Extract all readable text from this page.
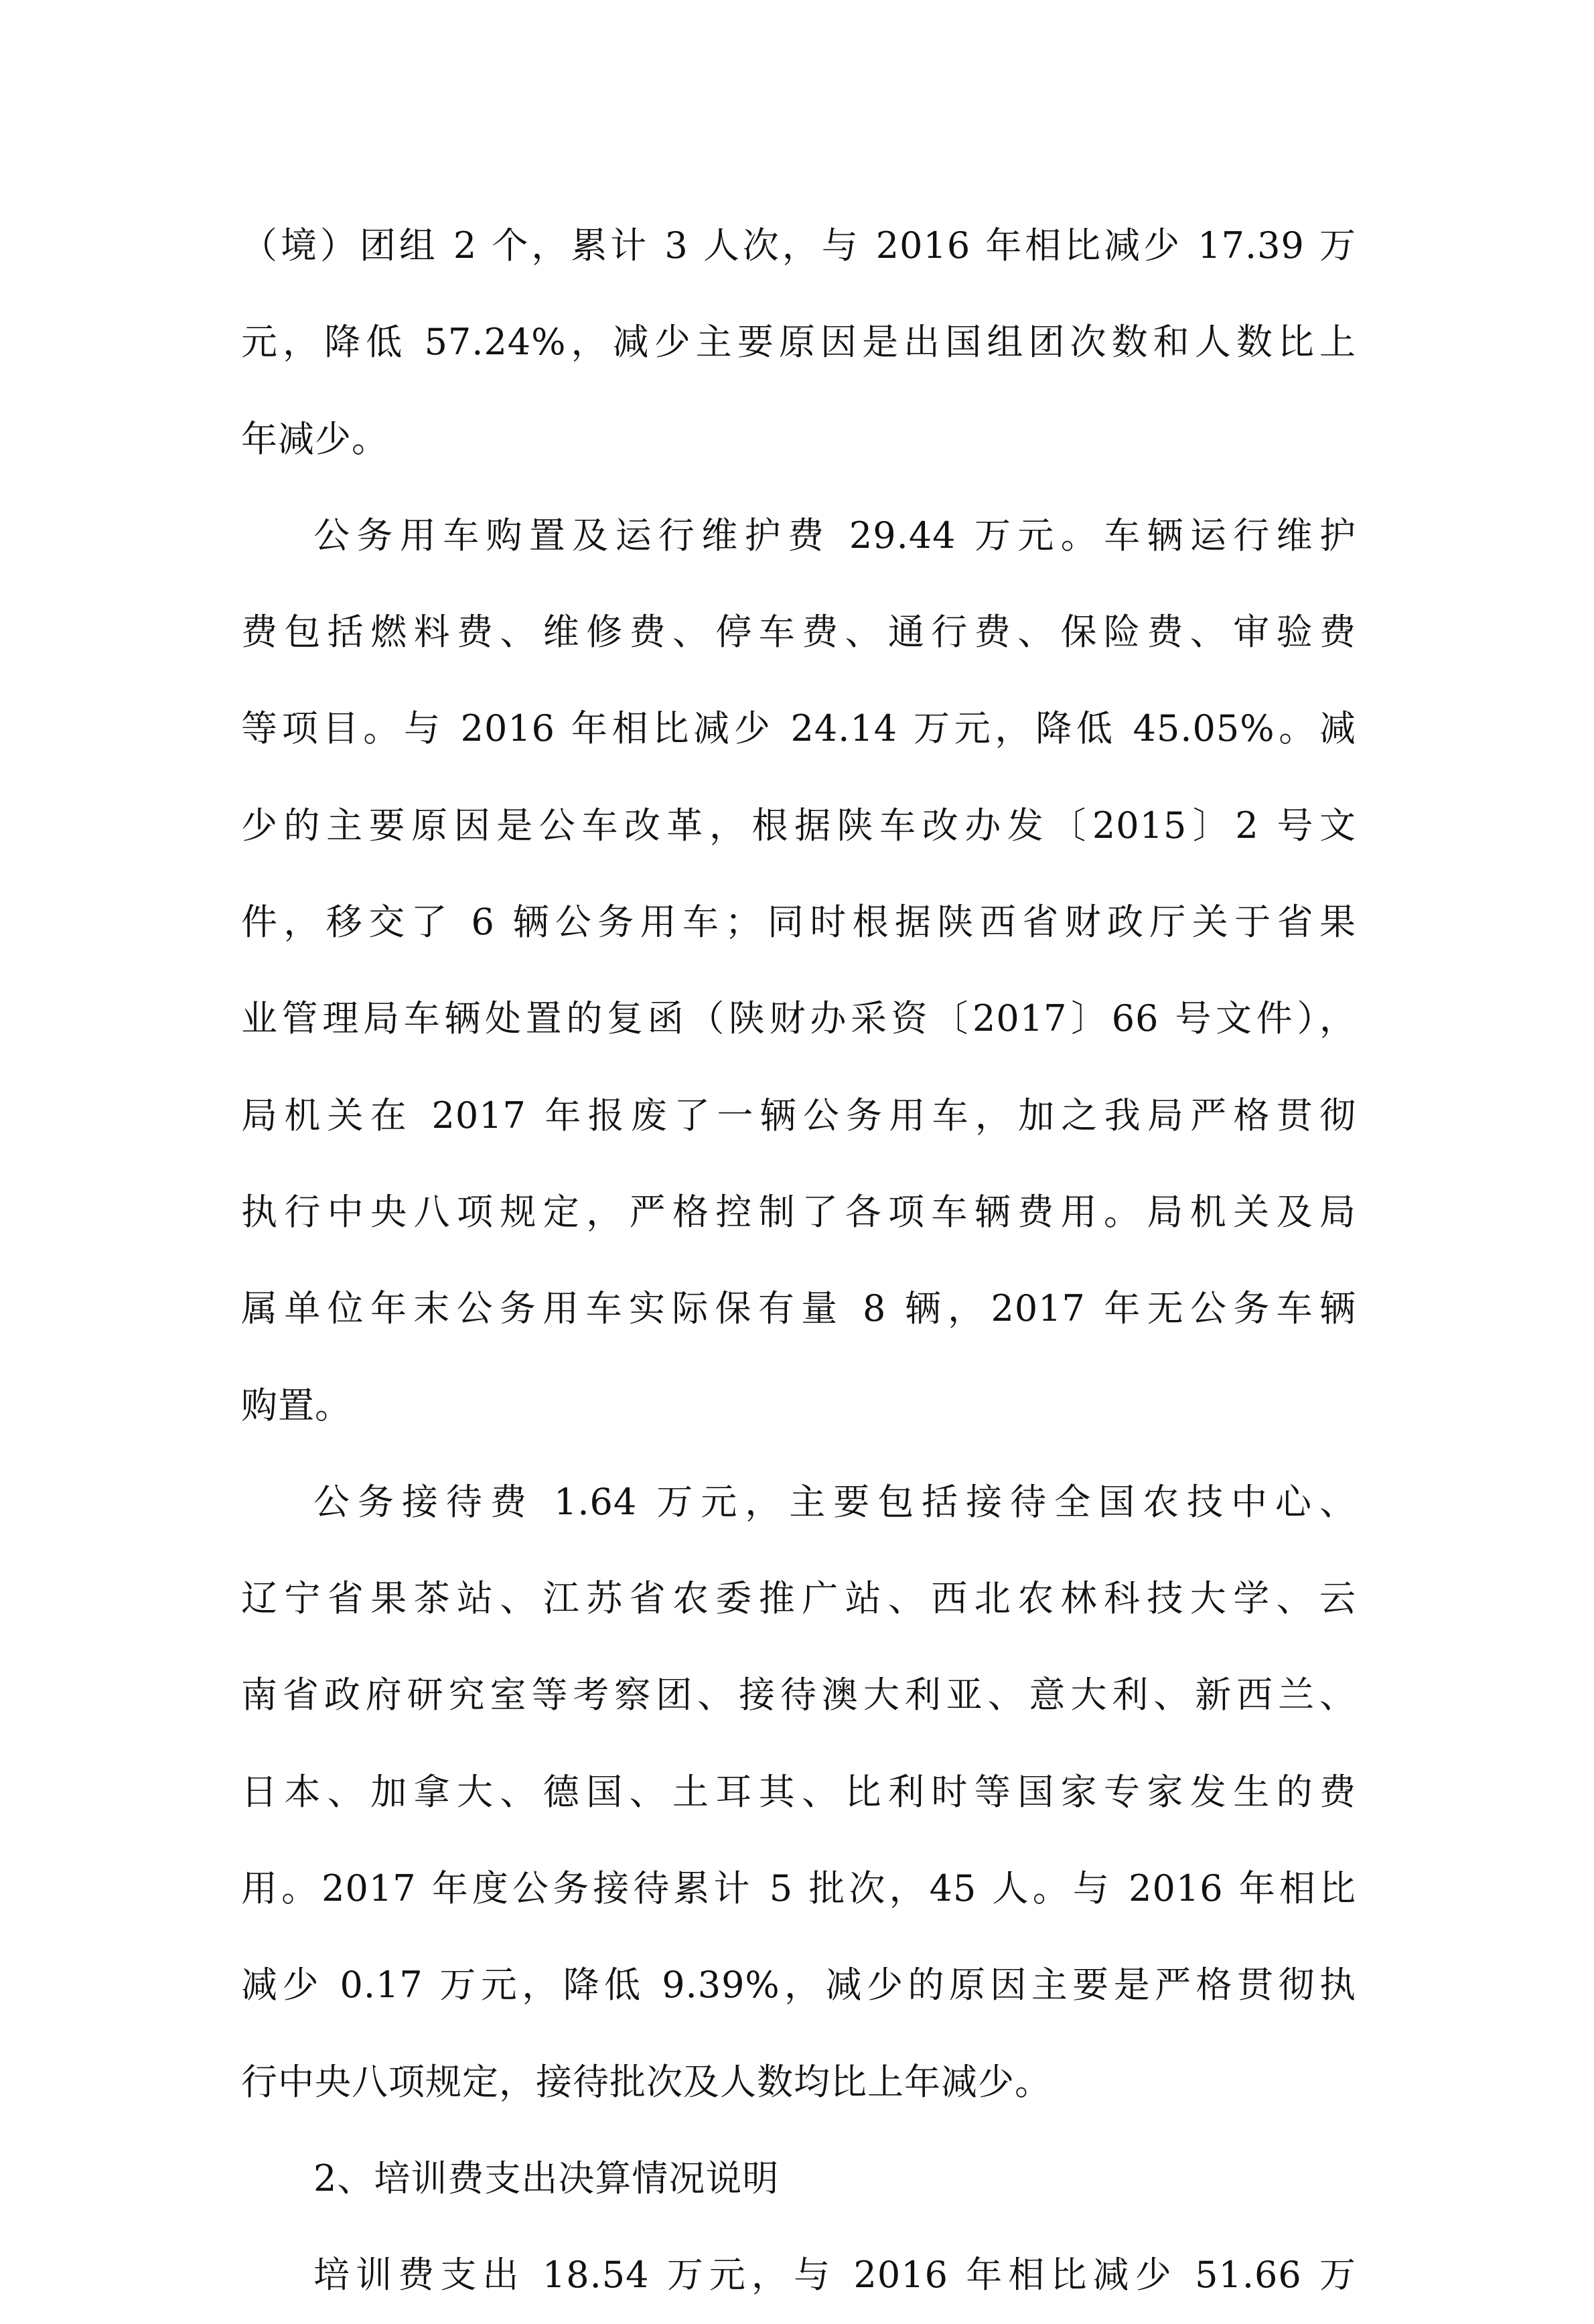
（境）团组 2 个，累计 3 人次，与 2016 年相比减少 17.39 万
元，降低 57.24%，减少主要原因是出国组团次数和人数比上
年减少。

公务用车购置及运行维护费 29.44 万元。车辆运行维护
费包括燃料费、维修费、停车费、通行费、保险费、审验费
等项目。与 2016 年相比减少 24.14 万元，降低 45.05%。减
少的主要原因是公车改革，根据陕车改办发〔2015〕2 号文
件，移交了 6 辆公务用车；同时根据陕西省财政厅关于省果
业管理局车辆处置的复函（陕财办采资〔2017〕66 号文件），
局机关在 2017 年报废了一辆公务用车，加之我局严格贯彻
执行中央八项规定，严格控制了各项车辆费用。局机关及局
属单位年末公务用车实际保有量 8 辆，2017 年无公务车辆
购置。

公务接待费 1.64 万元，主要包括接待全国农技中心、
辽宁省果茶站、江苏省农委推广站、西北农林科技大学、云
南省政府研究室等考察团、接待澳大利亚、意大利、新西兰、
日本、加拿大、德国、土耳其、比利时等国家专家发生的费
用。2017 年度公务接待累计 5 批次，45 人。与 2016 年相比
减少 0.17 万元，降低 9.39%，减少的原因主要是严格贯彻执
行中央八项规定，接待批次及人数均比上年减少。

2、培训费支出决算情况说明

培训费支出 18.54 万元，与 2016 年相比减少 51.66 万
